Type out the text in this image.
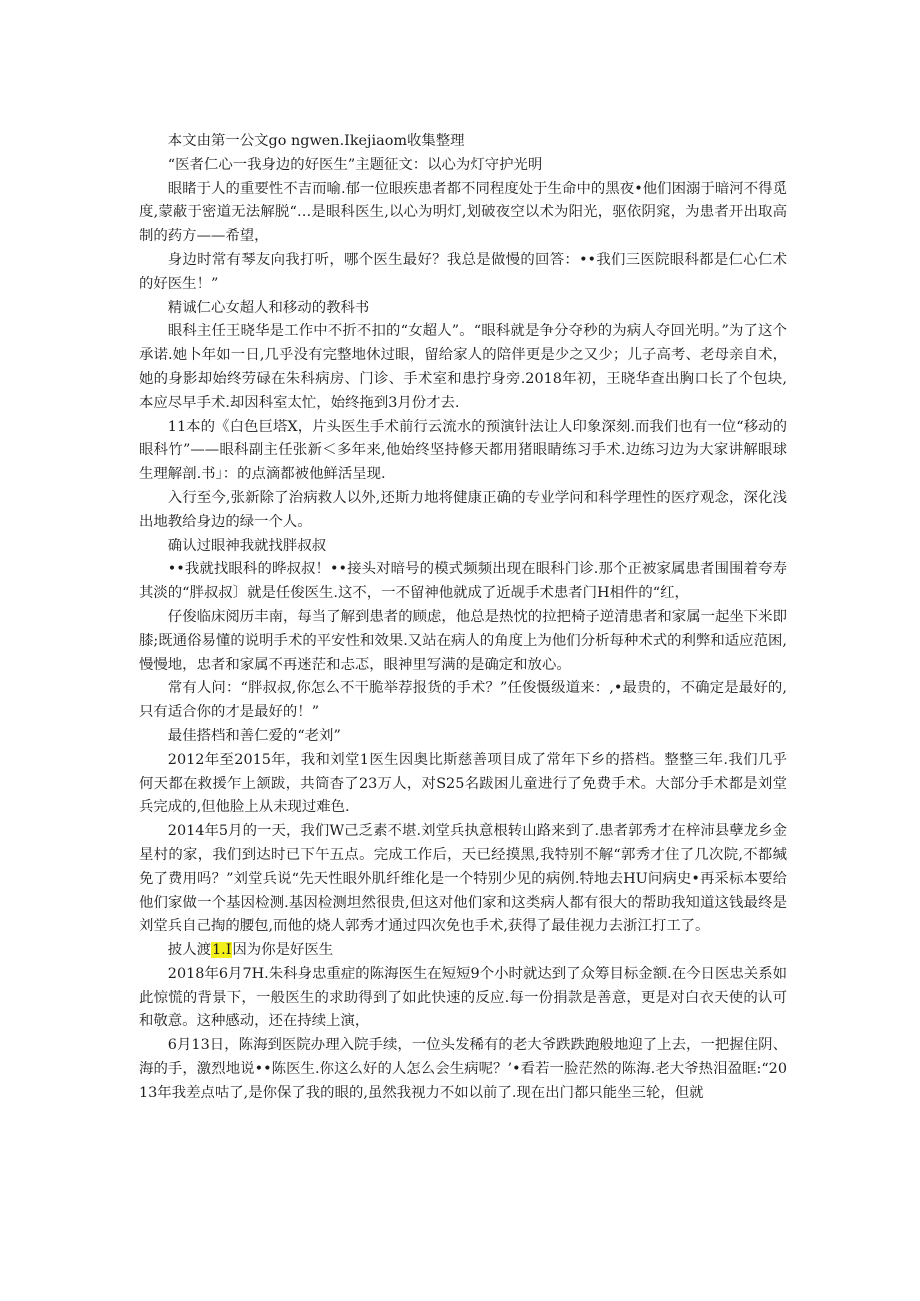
本文由第一公文go ngwen.Ikejiaom收集整理

“医者仁心一我身边的好医生”主题征文：以心为灯守护光明

眼睹于人的重要性不吉而喻.郁一位眼疾患者都不同程度处于生命中的黑夜•他们困溺于暗河不得觅度,蒙蔽于密道无法解脱“…是眼科医生,以心为明灯,划破夜空以术为阳光，驱依阴窕，为患者开出取高制的药方——希望，

身边时常有琴友向我打听，哪个医生最好？我总是做慢的回答：••我们三医院眼科都是仁心仁术的好医生！”

精诚仁心女超人和移动的教科书

眼科主任王晓华是工作中不折不扣的“女超人”。“眼科就是争分夺秒的为病人夺回光明。”为了这个承诺.她卜年如一日,几乎没有完整地休过眼，留给家人的陪伴更是少之又少；儿子高考、老母亲自术，她的身影却始终劳碌在朱科病房、门诊、手术室和患拧身旁.2018年初，王晓华查出胸口长了个包块,本应尽早手术.却因科室太忙，始终拖到3月份才去.

11本的《白色巨塔X，片头医生手术前行云流水的预演针法让人印象深刻.而我们也有一位“移动的眼科竹”——眼科副主任张新＜多年来,他始终坚持修天都用猪眼睛练习手术.边练习边为大家讲解眼球生理解剖.书」：的点滴都被他鲜活呈现.

入行至今,张新除了治病救人以外,还斯力地将健康正确的专业学问和科学理性的医疗观念，深化浅出地教给身边的绿一个人。

确认过眼神我就找胖叔叔

••我就找眼科的晔叔叔！••接头对暗号的模式频频出现在眼科门诊.那个正被家属患者围围着夸寿其淡的“胖叔叔〕就是任俊医生.这不，一不留神他就成了近觇手术患者门H相件的“红，

仔俊临床阅历丰南，每当了解到患者的顾虑，他总是热忱的拉把椅子逆清患者和家属一起坐下米即膝;既通俗易懂的说明手术的平安性和效果.又站在病人的角度上为他们分析每种术式的利弊和适应范困,慢慢地，忠者和家属不再迷茫和忐忑，眼神里写满的是确定和放心。

常有人问：“胖叔叔,你怎么不干脆举荐报货的手术？”任俊慑级道来：,•最贵的，不确定是最好的,只有适合你的才是最好的！”

最佳搭档和善仁爱的“老刘”

2012年至2015年，我和刘堂1医生因奥比斯慈善项目成了常年下乡的搭档。整整三年.我们几乎何天都在救援乍上颔跋，共筒杳了23万人，对S25名跋困儿童进行了免费手术。大部分手术都是刘堂兵完成的,但他脸上从未现过难色.

2014年5月的一天，我们W己乏素不堪.刘堂兵执意根转山路来到了.患者郭秀才在梓沛县孽龙乡金星村的家，我们到达时已下午五点。完成工作后，天已经摸黑,我特别不解“郭秀才住了几次院,不都缄免了费用吗？”刘堂兵说“先天性眼外肌纤维化是一个特别少见的病例.特地去HU问病史•再采标本要给他们家做一个基因检测.基因检测坦然很贵,但这对他们家和这类病人都有很大的帮助我知道这钱最终是刘堂兵自己掏的腰包,而他的烧人郭秀才通过四次免也手术,获得了最佳视力去浙江打工了。

披人渡1.I因为你是好医生

2018年6月7H.朱科身忠重症的陈海医生在短短9个小时就达到了众筹目标金额.在今日医忠关系如此惊慌的背景下，一般医生的求助得到了如此快速的反应.每一份捐款是善意，更是对白衣天使的认可和敬意。这种感动，还在持续上演，

6月13日，陈海到医院办理入院手续，一位头发稀有的老大爷跌跌跑般地迎了上去，一把握住阴、海的手，激烈地说••陈医生.你这么好的人怎么会生病呢？’•看若一脸茫然的陈海.老大爷热泪盈眶:“2013年我差点咕了,是你保了我的眼的,虽然我视力不如以前了.现在出门都只能坐三轮，但就
